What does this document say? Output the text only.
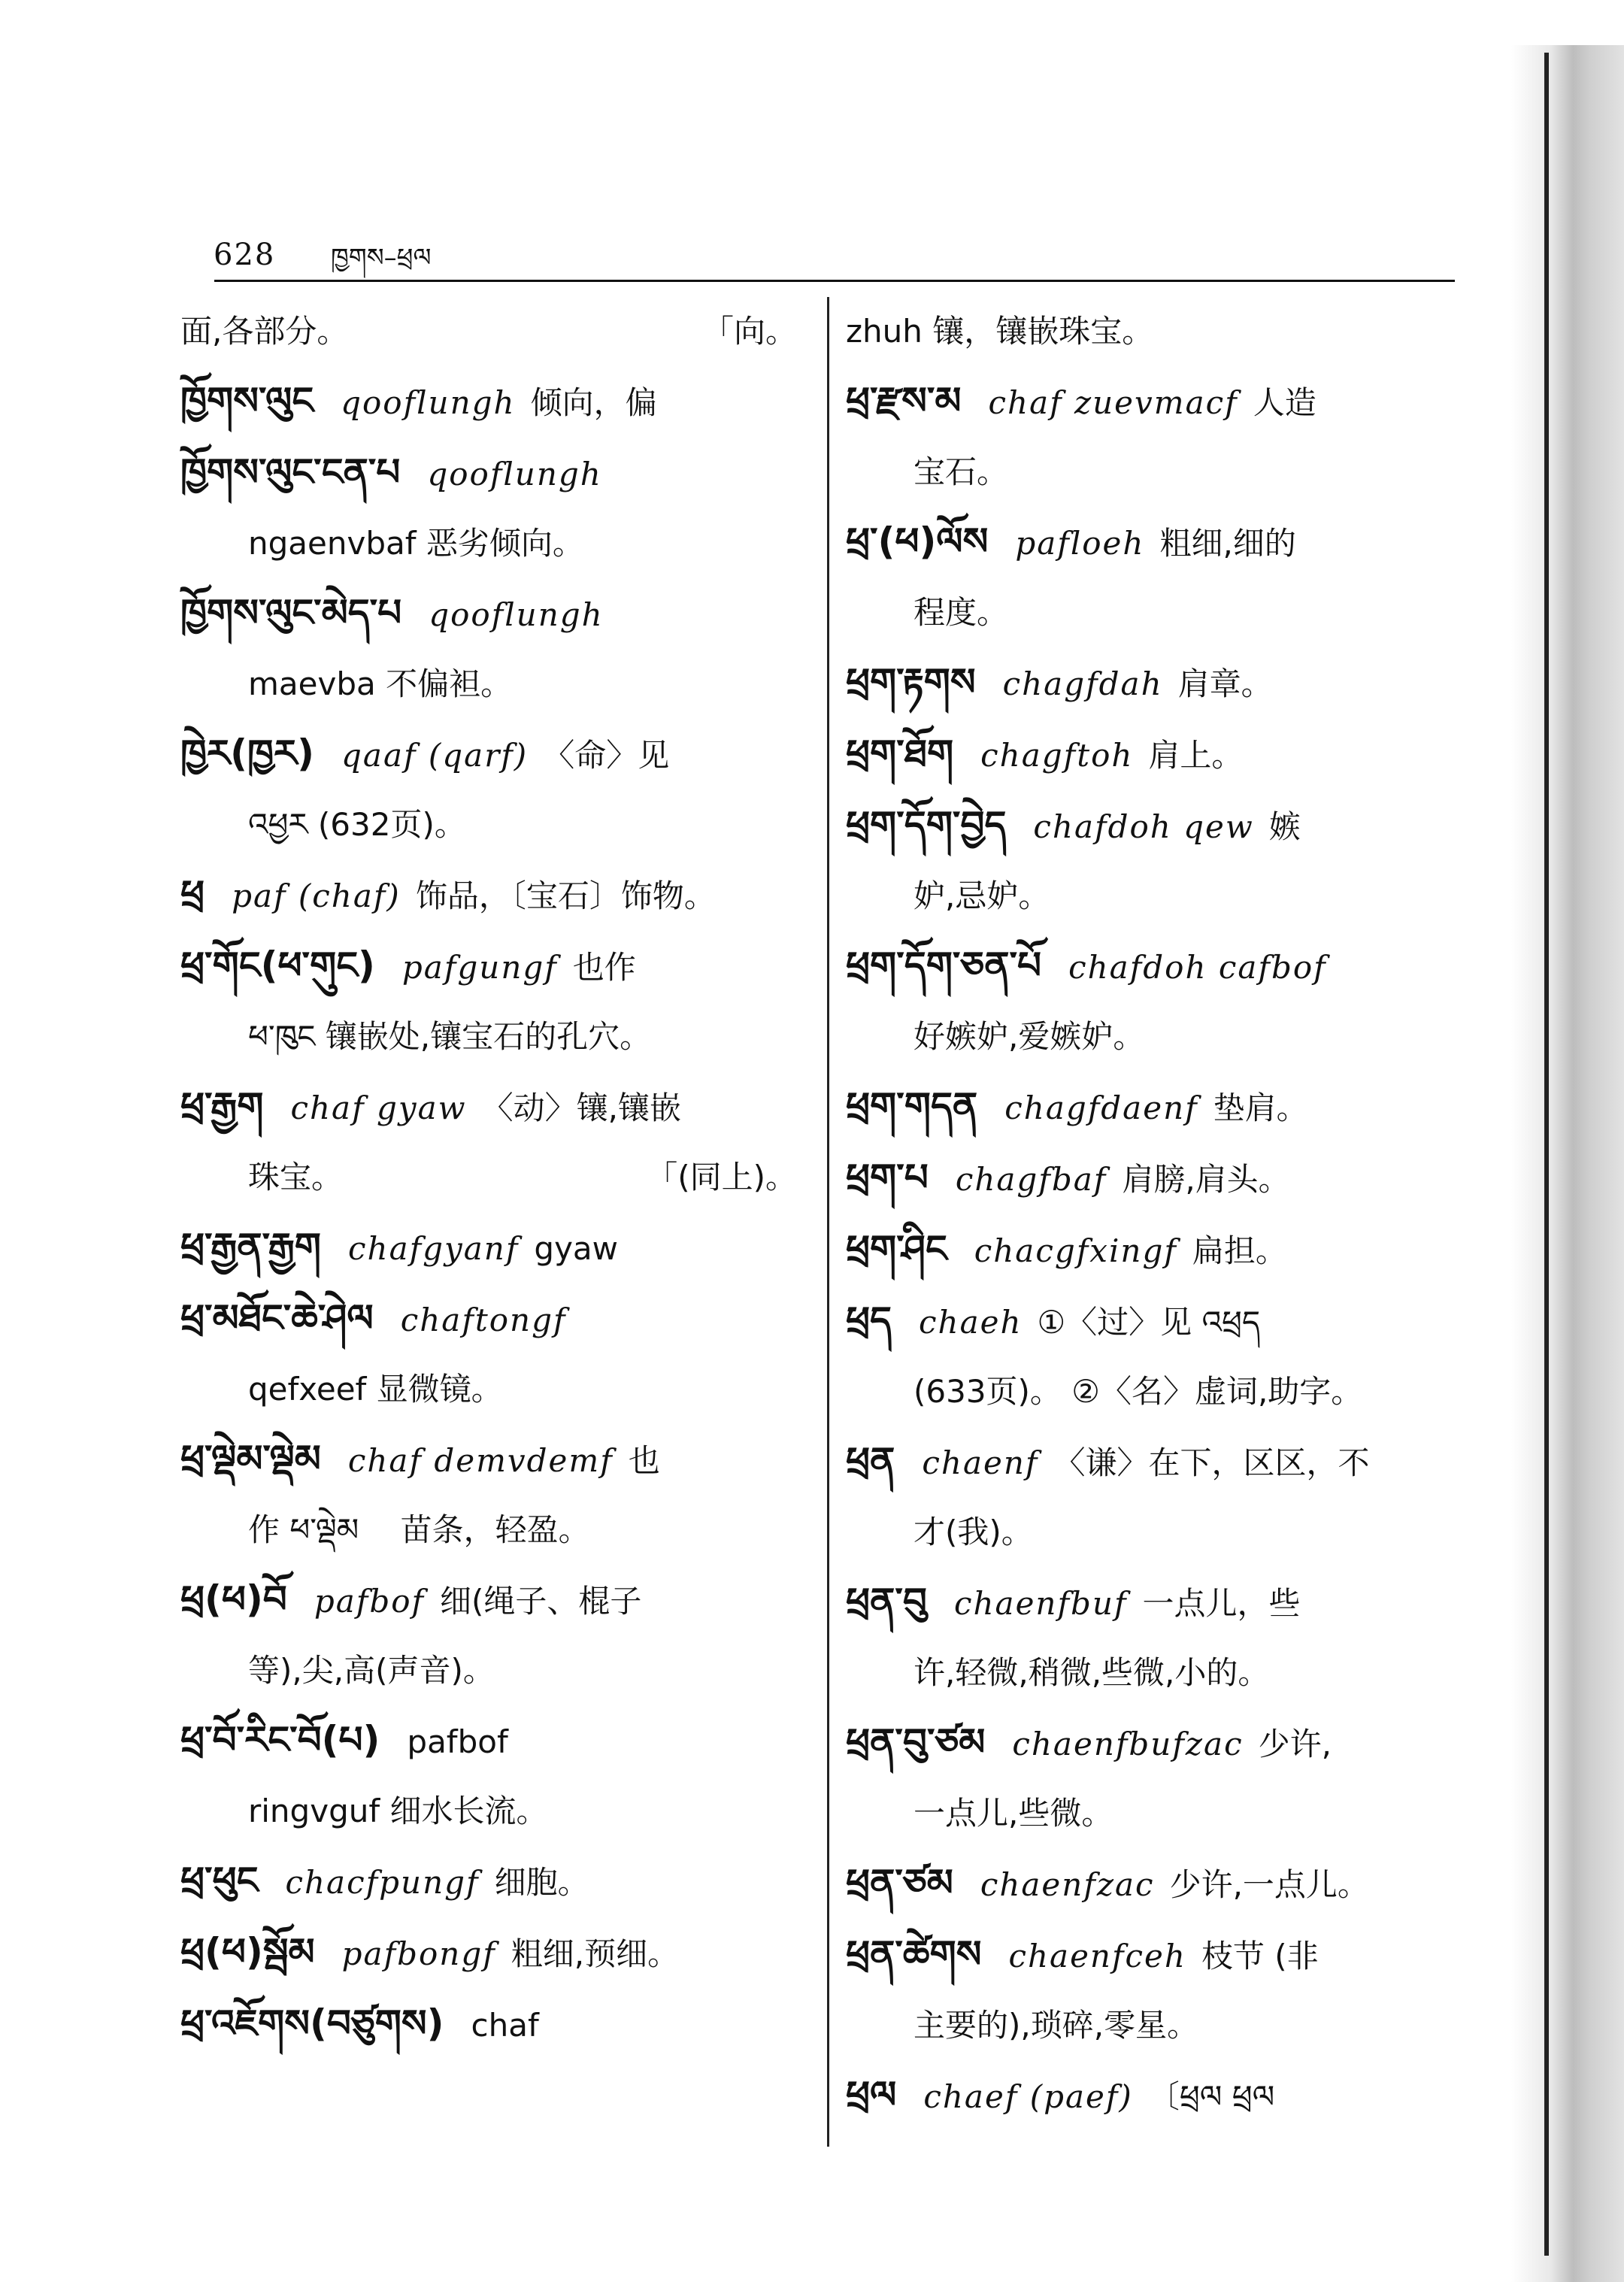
628 ཁྱགས–ཕྲལ
面,各部分。	「向。
ཁྱོགས་ལུང qooflungh 倾向，偏
ཁྱོགས་ལུང་ངན་པ qooflungh
ngaenvbaf 恶劣倾向。
ཁྱོགས་ལུང་མེད་པ qooflungh
maevba 不偏袒。
ཁྱེར(ཁྱར) qaaf (qarf) 〈命〉见
འཕྱར (632页)。
ཕྲ paf (chaf) 饰品，〔宝石〕饰物。
ཕྲ་གོང(ཕ་གུང) pafgungf 也作
ཕ་ཁུང 镶嵌处,镶宝石的孔穴。
ཕྲ་རྒྱག chaf gyaw 〈动〉镶,镶嵌
珠宝。	「(同上)。
ཕྲ་རྒྱན་རྒྱག chafgyanf gyaw
ཕྲ་མཐོང་ཆེ་ཤེལ chaftongf
qefxeef 显微镜。
ཕྲ་ལྡེམ་ལྡེམ chaf demvdemf 也
作 ཕ་ལྡེམ 　苗条，轻盈。
ཕྲ(ཕ)བོ pafbof 细(绳子、棍子
等),尖,高(声音)。
ཕྲ་བོ་རིང་བོ(པ) pafbof
ringvguf 细水长流。
ཕྲ་ཕུང chacfpungf 细胞。
ཕྲ(ཕ)སྦོམ pafbongf 粗细,预细。
ཕྲ་འཇོགས(བཙུགས) chaf
zhuh 镶，镶嵌珠宝。
ཕྲ་རྫས་མ chaf zuevmacf 人造
宝石。
ཕྲ་(ཕ)ལོས pafloeh 粗细,细的
程度。
ཕྲག་རྟགས chagfdah 肩章。
ཕྲག་ཐོག chagftoh 肩上。
ཕྲག་དོག་བྱེད chafdoh qew 嫉
妒,忌妒。
ཕྲག་དོག་ཅན་པོ chafdoh cafbof
好嫉妒,爱嫉妒。
ཕྲག་གདན chagfdaenf 垫肩。
ཕྲག་པ chagfbaf 肩膀,肩头。
ཕྲག་ཤིང chacgfxingf 扁担。
ཕྲད chaeh ①〈过〉见 འཕྲད
(633页)。 ②〈名〉虚词,助字。
ཕྲན chaenf 〈谦〉在下，区区，不
才(我)。
ཕྲན་བུ chaenfbuf 一点儿，些
许,轻微,稍微,些微,小的。
ཕྲན་བུ་ཙམ chaenfbufzac 少许,
一点儿,些微。
ཕྲན་ཙམ chaenfzac 少许,一点儿。
ཕྲན་ཚེགས chaenfceh 枝节 (非
主要的),琐碎,零星。
ཕྲལ chaef (paef) 〔ཕྲལ ཕྲལ
